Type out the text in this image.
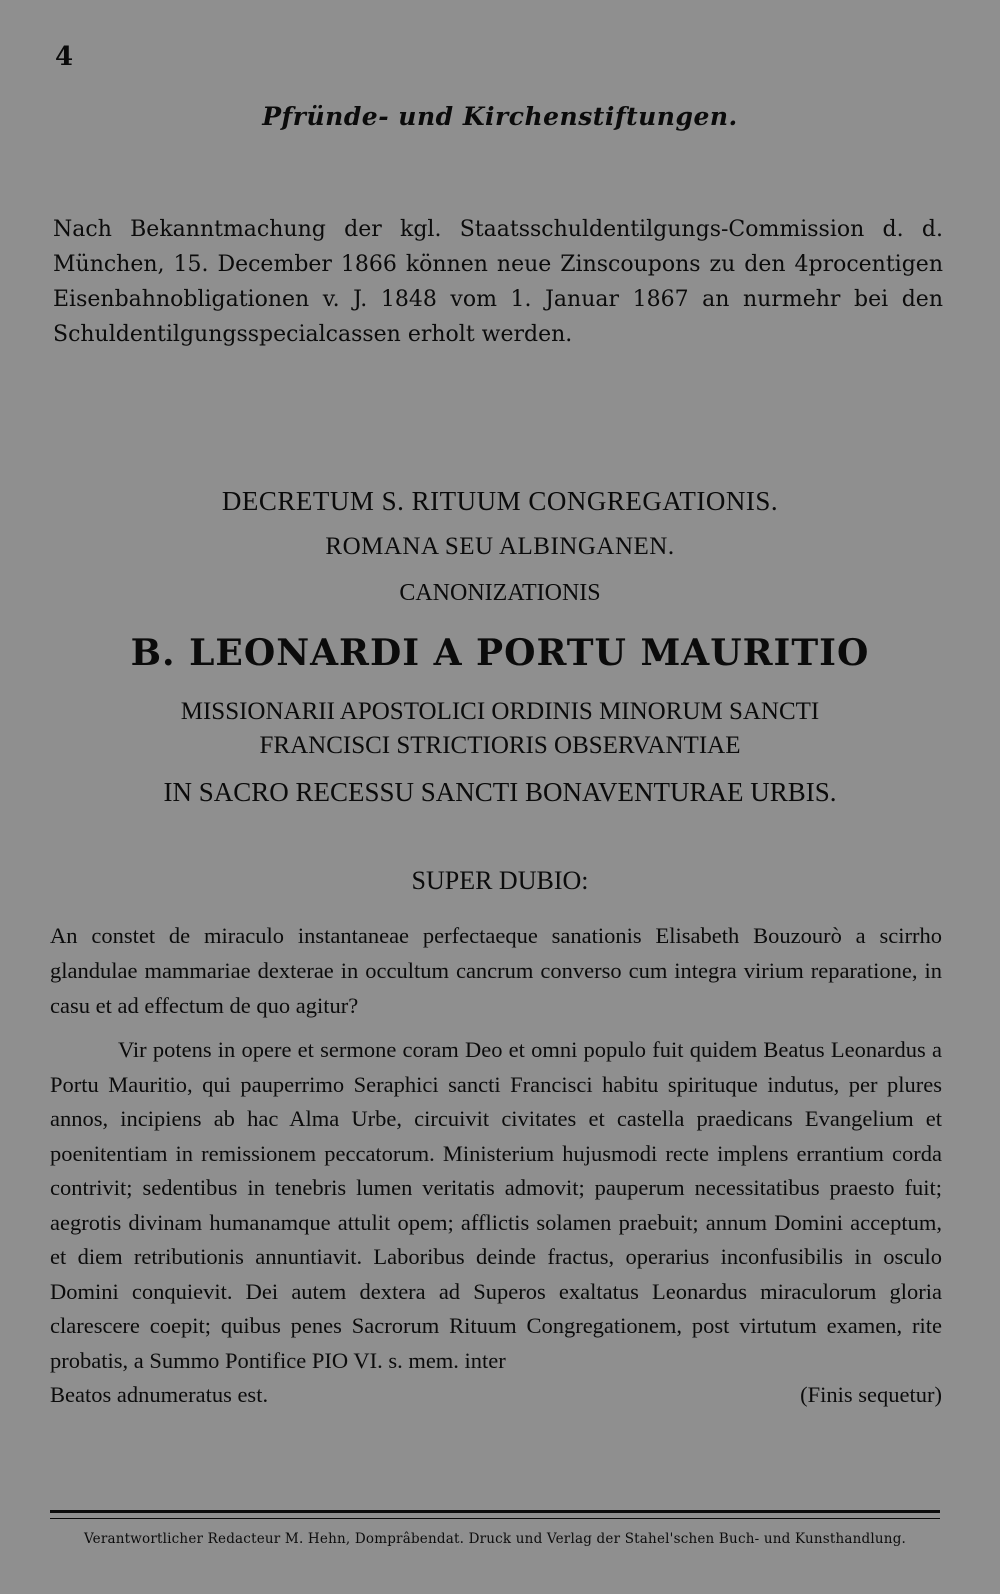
4
Pfründe- und Kirchenstiftungen.
Nach Bekanntmachung der kgl. Staatsschuldentilgungs-Commission d. d. München, 15. December 1866 können neue Zinscoupons zu den 4procentigen Eisenbahnobligationen v. J. 1848 vom 1. Januar 1867 an nurmehr bei den Schuldentilgungsspecialcassen erholt werden.
DECRETUM S. RITUUM CONGREGATIONIS.
ROMANA SEU ALBINGANEN.
CANONIZATIONIS
B. LEONARDI A PORTU MAURITIO
MISSIONARII APOSTOLICI ORDINIS MINORUM SANCTI
FRANCISCI STRICTIORIS OBSERVANTIAE
IN SACRO RECESSU SANCTI BONAVENTURAE URBIS.
SUPER DUBIO:
An constet de miraculo instantaneae perfectaeque sanationis Elisabeth Bouzourò a scirrho glandulae mammariae dexterae in occultum cancrum converso cum integra virium reparatione, in casu et ad effectum de quo agitur?
Vir potens in opere et sermone coram Deo et omni populo fuit quidem Beatus Leonardus a Portu Mauritio, qui pauperrimo Seraphici sancti Francisci habitu spirituque indutus, per plures annos, incipiens ab hac Alma Urbe, circuivit civitates et castella praedicans Evangelium et poenitentiam in remissionem peccatorum. Ministerium hujusmodi recte implens errantium corda contrivit; sedentibus in tenebris lumen veritatis admovit; pauperum necessitatibus praesto fuit; aegrotis divinam humanamque attulit opem; afflictis solamen praebuit; annum Domini acceptum, et diem retributionis annuntiavit. Laboribus deinde fractus, operarius inconfusibilis in osculo Domini conquievit. Dei autem dextera ad Superos exaltatus Leonardus miraculorum gloria clarescere coepit; quibus penes Sacrorum Rituum Congregationem, post virtutum examen, rite probatis, a Summo Pontifice PIO VI. s. mem. inter
Beatos adnumeratus est.	(Finis sequetur)
Verantwortlicher Redacteur M. Hehn, Domprâbendat. Druck und Verlag der Stahel'schen Buch- und Kunsthandlung.
